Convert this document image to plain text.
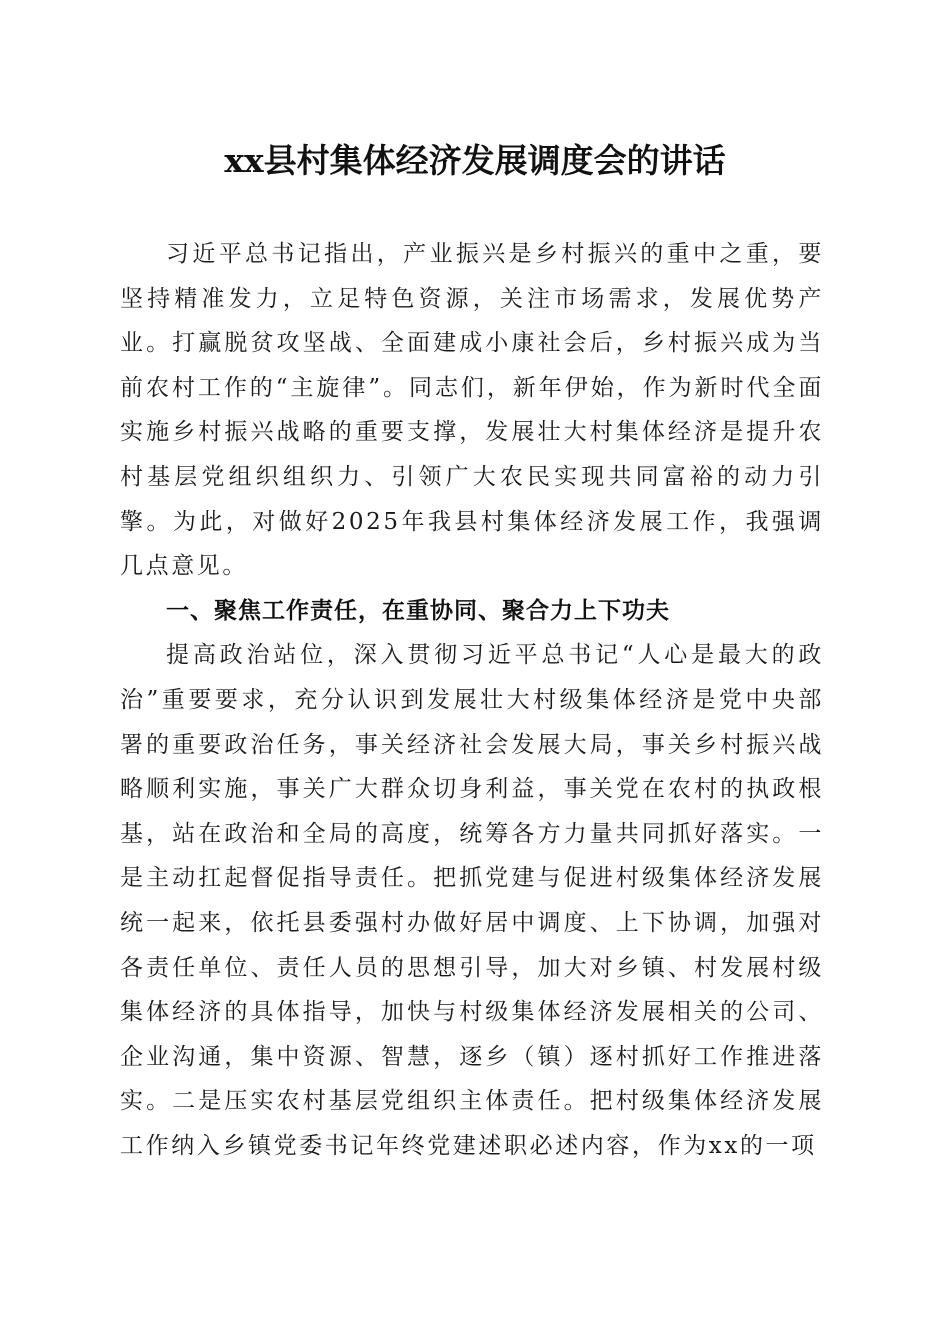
xx县村集体经济发展调度会的讲话

习近平总书记指出，产业振兴是乡村振兴的重中之重，要坚持精准发力，立足特色资源，关注市场需求，发展优势产业。打赢脱贫攻坚战、全面建成小康社会后，乡村振兴成为当前农村工作的“主旋律”。同志们，新年伊始，作为新时代全面实施乡村振兴战略的重要支撑，发展壮大村集体经济是提升农村基层党组织组织力、引领广大农民实现共同富裕的动力引擎。为此，对做好2025年我县村集体经济发展工作，我强调几点意见。

一、聚焦工作责任，在重协同、聚合力上下功夫

提高政治站位，深入贯彻习近平总书记“人心是最大的政治”重要要求，充分认识到发展壮大村级集体经济是党中央部署的重要政治任务，事关经济社会发展大局，事关乡村振兴战略顺利实施，事关广大群众切身利益，事关党在农村的执政根基，站在政治和全局的高度，统筹各方力量共同抓好落实。一是主动扛起督促指导责任。把抓党建与促进村级集体经济发展统一起来，依托县委强村办做好居中调度、上下协调，加强对各责任单位、责任人员的思想引导，加大对乡镇、村发展村级集体经济的具体指导，加快与村级集体经济发展相关的公司、企业沟通，集中资源、智慧，逐乡（镇）逐村抓好工作推进落实。二是压实农村基层党组织主体责任。把村级集体经济发展工作纳入乡镇党委书记年终党建述职必述内容，作为xx的一项
